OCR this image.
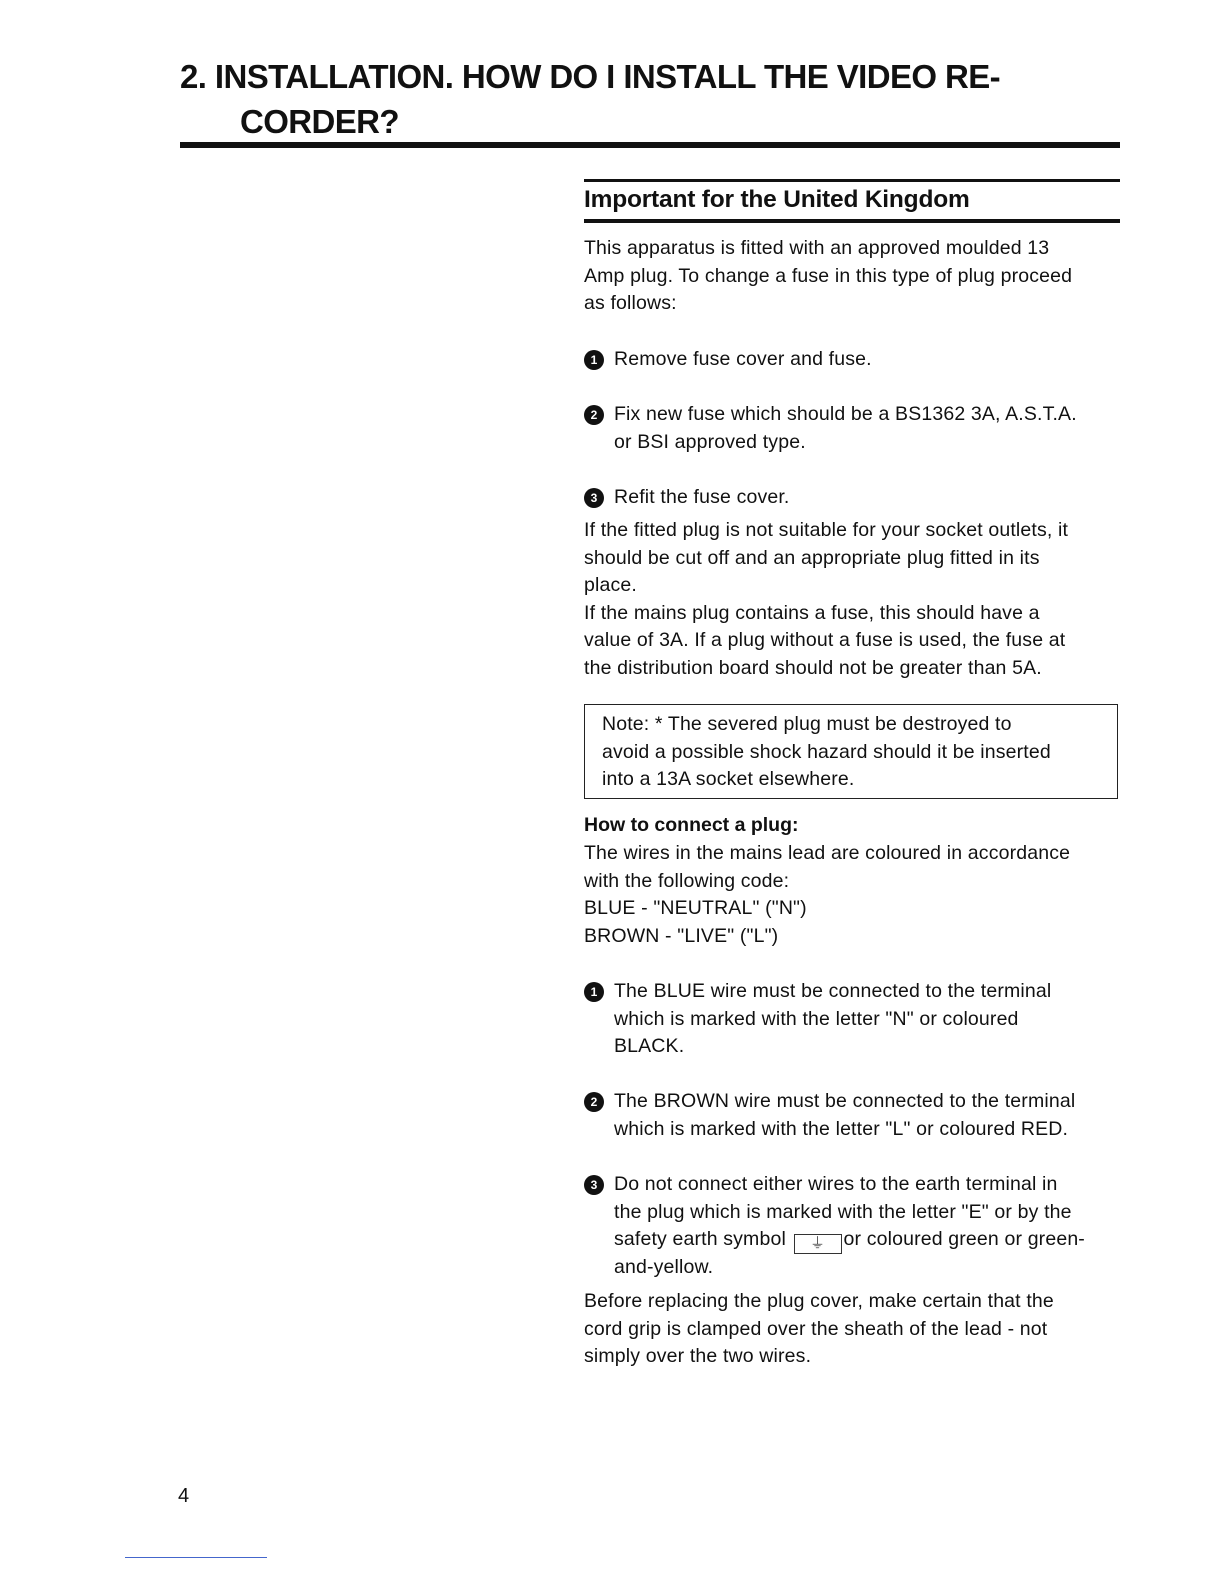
2. INSTALLATION. HOW DO I INSTALL THE VIDEO RE-
CORDER?
Important for the United Kingdom
This apparatus is fitted with an approved moulded 13
Amp plug. To change a fuse in this type of plug proceed
as follows:
1 Remove fuse cover and fuse.
2 Fix new fuse which should be a BS1362 3A, A.S.T.A.
or BSI approved type.
3 Refit the fuse cover.
If the fitted plug is not suitable for your socket outlets, it
should be cut off and an appropriate plug fitted in its
place.
If the mains plug contains a fuse, this should have a
value of 3A. If a plug without a fuse is used, the fuse at
the distribution board should not be greater than 5A.
Note: * The severed plug must be destroyed to
avoid a possible shock hazard should it be inserted
into a 13A socket elsewhere.
How to connect a plug:
The wires in the mains lead are coloured in accordance
with the following code:
BLUE - "NEUTRAL" ("N")
BROWN - "LIVE" ("L")
1 The BLUE wire must be connected to the terminal
which is marked with the letter "N" or coloured
BLACK.
2 The BROWN wire must be connected to the terminal
which is marked with the letter "L" or coloured RED.
3 Do not connect either wires to the earth terminal in
the plug which is marked with the letter "E" or by the
safety earth symbol ⏚ or coloured green or green-
and-yellow.
Before replacing the plug cover, make certain that the
cord grip is clamped over the sheath of the lead - not
simply over the two wires.
4
